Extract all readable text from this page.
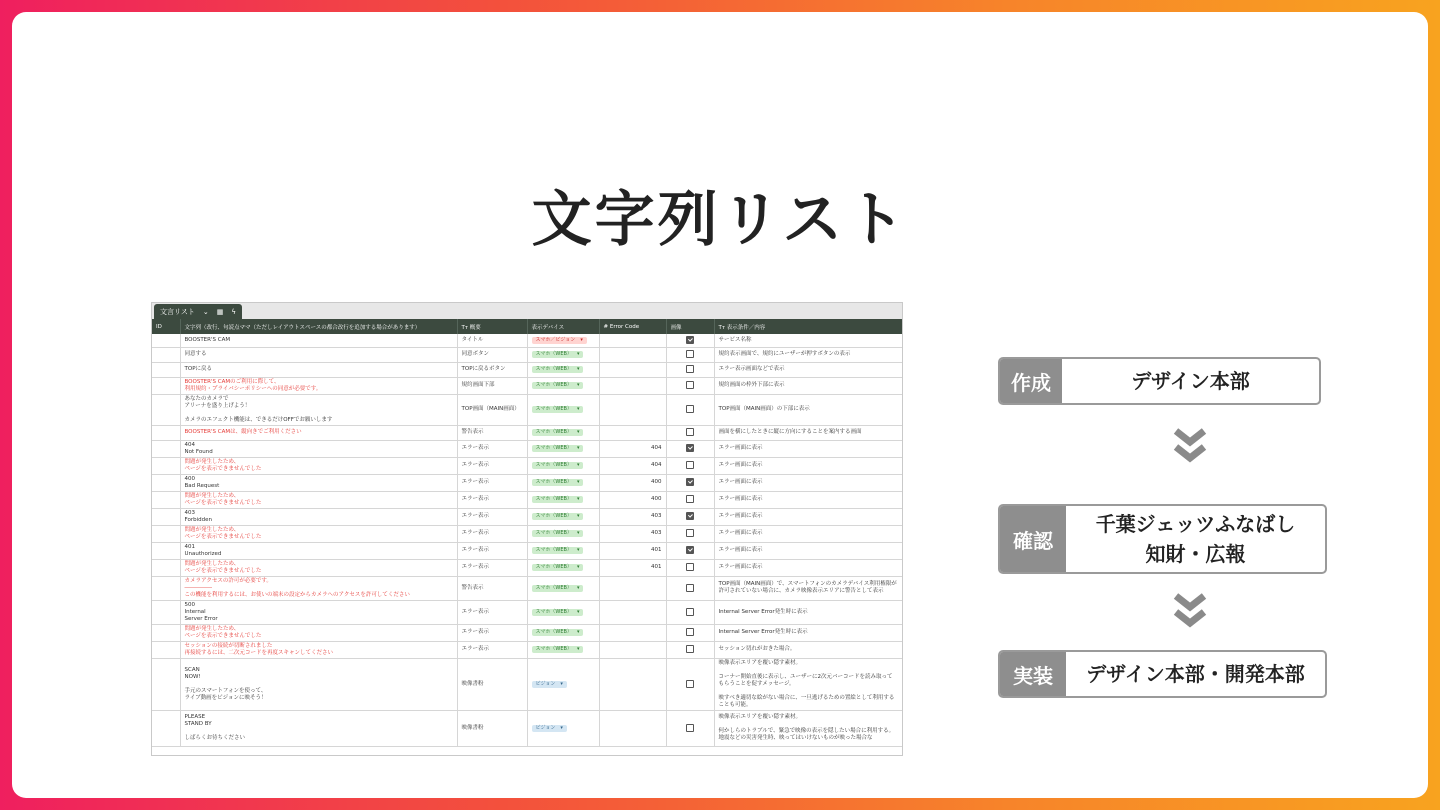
文字列リスト
文言リスト ⌄ ▦ ϟ
ID	文字列（改行、句読点ママ（ただしレイアウトスペースの都合改行を追加する場合があります）	Tт 概要	表示デバイス	# Error Code	画像	Tт 表示条件／内容
	BOOSTER'S CAM	タイトル	スマホ／ビジョン ▾			サービス名称
	同意する	同意ボタン	スマホ（WEB） ▾			規約表示画面で、規約にユーザーが押すボタンの表示
	TOPに戻る	TOPに戻るボタン	スマホ（WEB） ▾			エラー表示画面などで表示
	BOOSTER'S CAMのご利用に際して、
利用規約・プライバシーポリシーへの同意が必要です。	規約画面下部	スマホ（WEB） ▾			規約画面の枠外下部に表示
	あなたのカメラで
アリーナを盛り上げよう！

カメラのエフェクト機能は、できるだけOFFでお願いします	TOP画面（MAIN画面）	スマホ（WEB） ▾			TOP画面（MAIN画面）の下部に表示
	BOOSTER'S CAMは、縦向きでご利用ください	警告表示	スマホ（WEB） ▾			画面を横にしたときに縦に方向にすることを案内する画面
	404
Not Found	エラー表示	スマホ（WEB） ▾	404		エラー画面に表示
	問題が発生したため、
ページを表示できませんでした	エラー表示	スマホ（WEB） ▾	404		エラー画面に表示
	400
Bad Request	エラー表示	スマホ（WEB） ▾	400		エラー画面に表示
	問題が発生したため、
ページを表示できませんでした	エラー表示	スマホ（WEB） ▾	400		エラー画面に表示
	403
Forbidden	エラー表示	スマホ（WEB） ▾	403		エラー画面に表示
	問題が発生したため、
ページを表示できませんでした	エラー表示	スマホ（WEB） ▾	403		エラー画面に表示
	401
Unauthorized	エラー表示	スマホ（WEB） ▾	401		エラー画面に表示
	問題が発生したため、
ページを表示できませんでした	エラー表示	スマホ（WEB） ▾	401		エラー画面に表示
	カメラアクセスの許可が必要です。
―――――
この機能を利用するには、お使いの端末の設定からカメラへのアクセスを許可してください	警告表示	スマホ（WEB） ▾			TOP画面（MAIN画面）で、スマートフォンのカメラデバイス利用権限が許可されていない場合に、カメラ映像表示エリアに警告として表示
	500
Internal
Server Error	エラー表示	スマホ（WEB） ▾			Internal Server Error発生時に表示
	問題が発生したため、
ページを表示できませんでした	エラー表示	スマホ（WEB） ▾			Internal Server Error発生時に表示
	セッションの接続が切断されました
再接続するには、二次元コードを再度スキャンしてください	エラー表示	スマホ（WEB） ▾			セッション切れがおきた場合。
	SCAN
NOW!

手元のスマートフォンを使って、
ライブ動画をビジョンに映そう！	映像書粉	ビジョン ▾			映像表示エリアを覆い隠す素材。

コーナー開始直後に表示し、ユーザーに2次元バーコードを読み取ってもらうことを促すメッセージ。

映すべき適切な絵がない場合に、一旦逃げるための置絵として利用することも可能。
	PLEASE
STAND BY

しばらくお待ちください	映像書粉	ビジョン ▾			映像表示エリアを覆い隠す素材。

何かしらのトラブルで、緊急で映像の表示を隠したい場合に利用する。地震などの災害発生時、映ってはいけないものが映った場合な
作成	デザイン本部
確認
千葉ジェッツふなばし
知財・広報
実装	デザイン本部・開発本部
